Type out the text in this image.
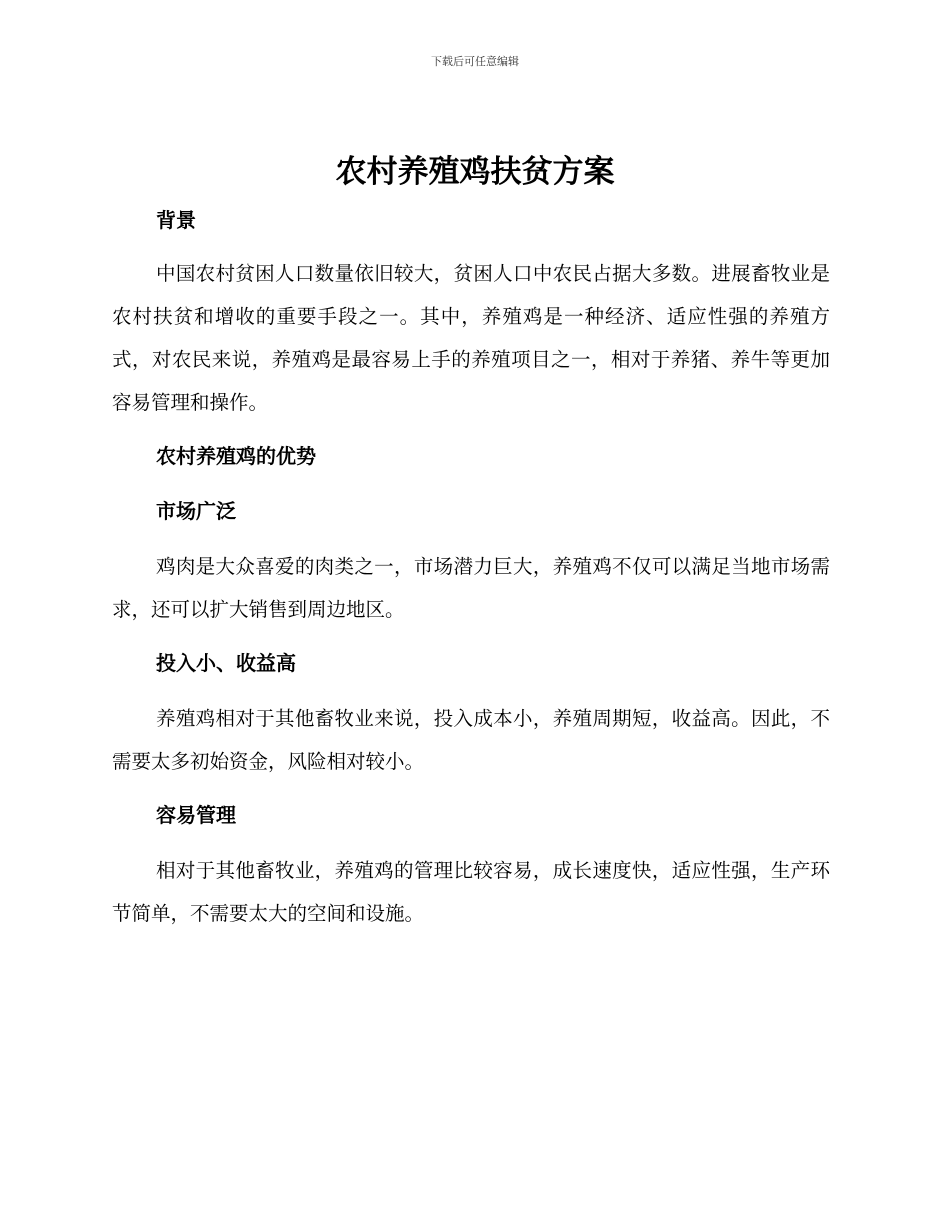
下载后可任意编辑
农村养殖鸡扶贫方案
背景

中国农村贫困人口数量依旧较大，贫困人口中农民占据大多数。进展畜牧业是农村扶贫和增收的重要手段之一。其中，养殖鸡是一种经济、适应性强的养殖方式，对农民来说，养殖鸡是最容易上手的养殖项目之一，相对于养猪、养牛等更加容易管理和操作。

农村养殖鸡的优势
市场广泛

鸡肉是大众喜爱的肉类之一，市场潜力巨大，养殖鸡不仅可以满足当地市场需求，还可以扩大销售到周边地区。

投入小、收益高

养殖鸡相对于其他畜牧业来说，投入成本小，养殖周期短，收益高。因此，不需要太多初始资金，风险相对较小。

容易管理

相对于其他畜牧业，养殖鸡的管理比较容易，成长速度快，适应性强，生产环节简单，不需要太大的空间和设施。
